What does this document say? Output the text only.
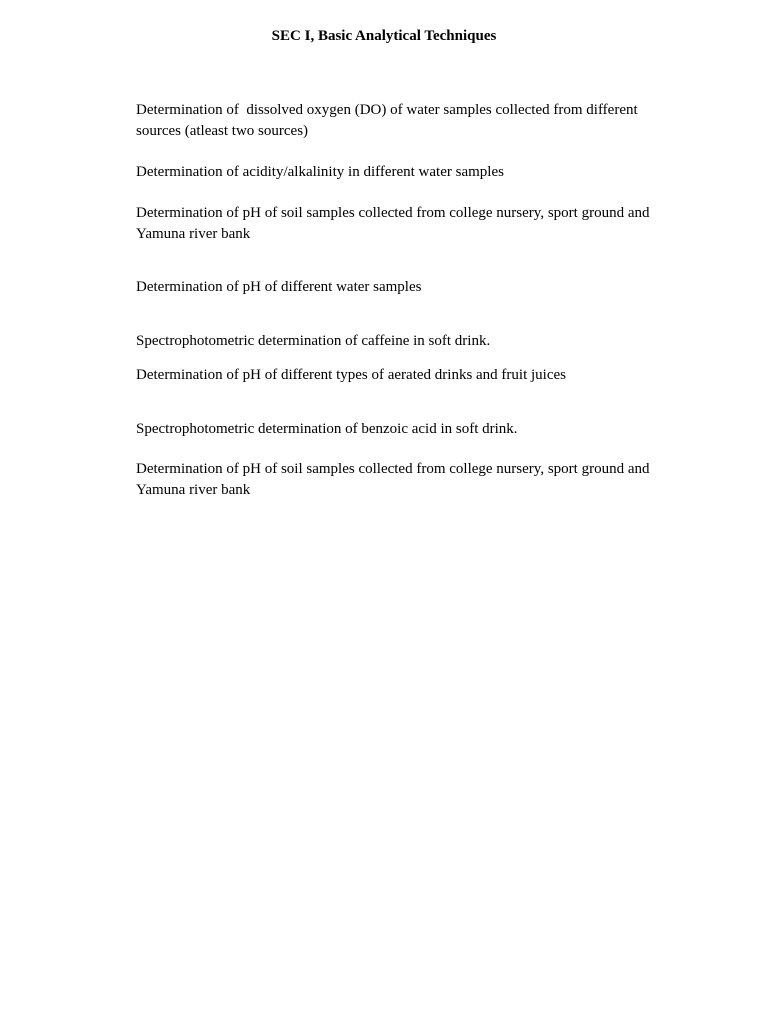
SEC I, Basic Analytical Techniques

Determination of  dissolved oxygen (DO) of water samples collected from different sources (atleast two sources)

Determination of acidity/alkalinity in different water samples

Determination of pH of soil samples collected from college nursery, sport ground and Yamuna river bank

Determination of pH of different water samples

Spectrophotometric determination of caffeine in soft drink.

Determination of pH of different types of aerated drinks and fruit juices

Spectrophotometric determination of benzoic acid in soft drink.

Determination of pH of soil samples collected from college nursery, sport ground and Yamuna river bank
